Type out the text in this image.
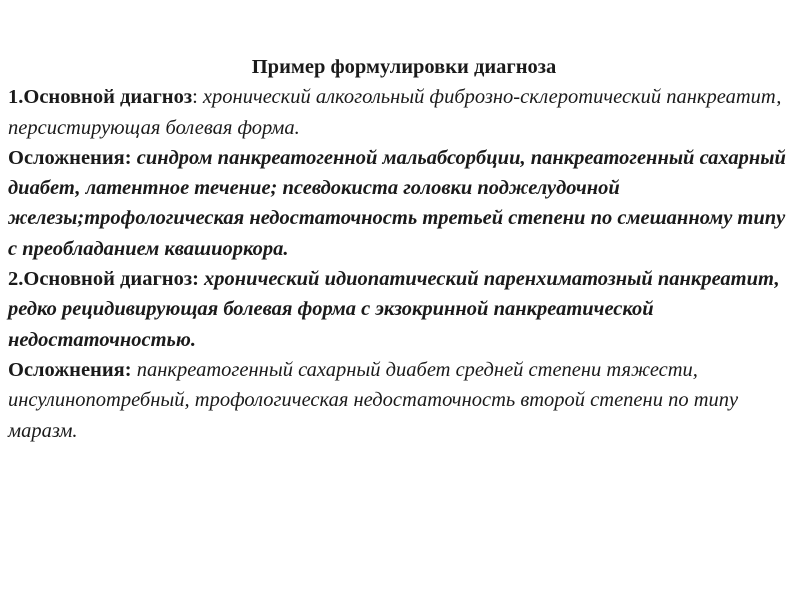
Пример формулировки диагноза

1.Основной диагноз: хронический алкогольный фиброзно-склеротический панкреатит, персистирующая болевая форма.

Осложнения: синдром панкреатогенной мальабсорбции, панкреатогенный сахарный диабет, латентное течение; псевдокиста головки поджелудочной железы;трофологическая недостаточность третьей степени по смешанному типу с преобладанием квашиоркора.

2.Основной диагноз: хронический идиопатический паренхиматозный панкреатит, редко рецидивирующая болевая форма с экзокринной панкреатической недостаточностью.

Осложнения: панкреатогенный сахарный диабет средней степени тяжести, инсулинопотребный, трофологическая недостаточность второй степени по типу маразм.
